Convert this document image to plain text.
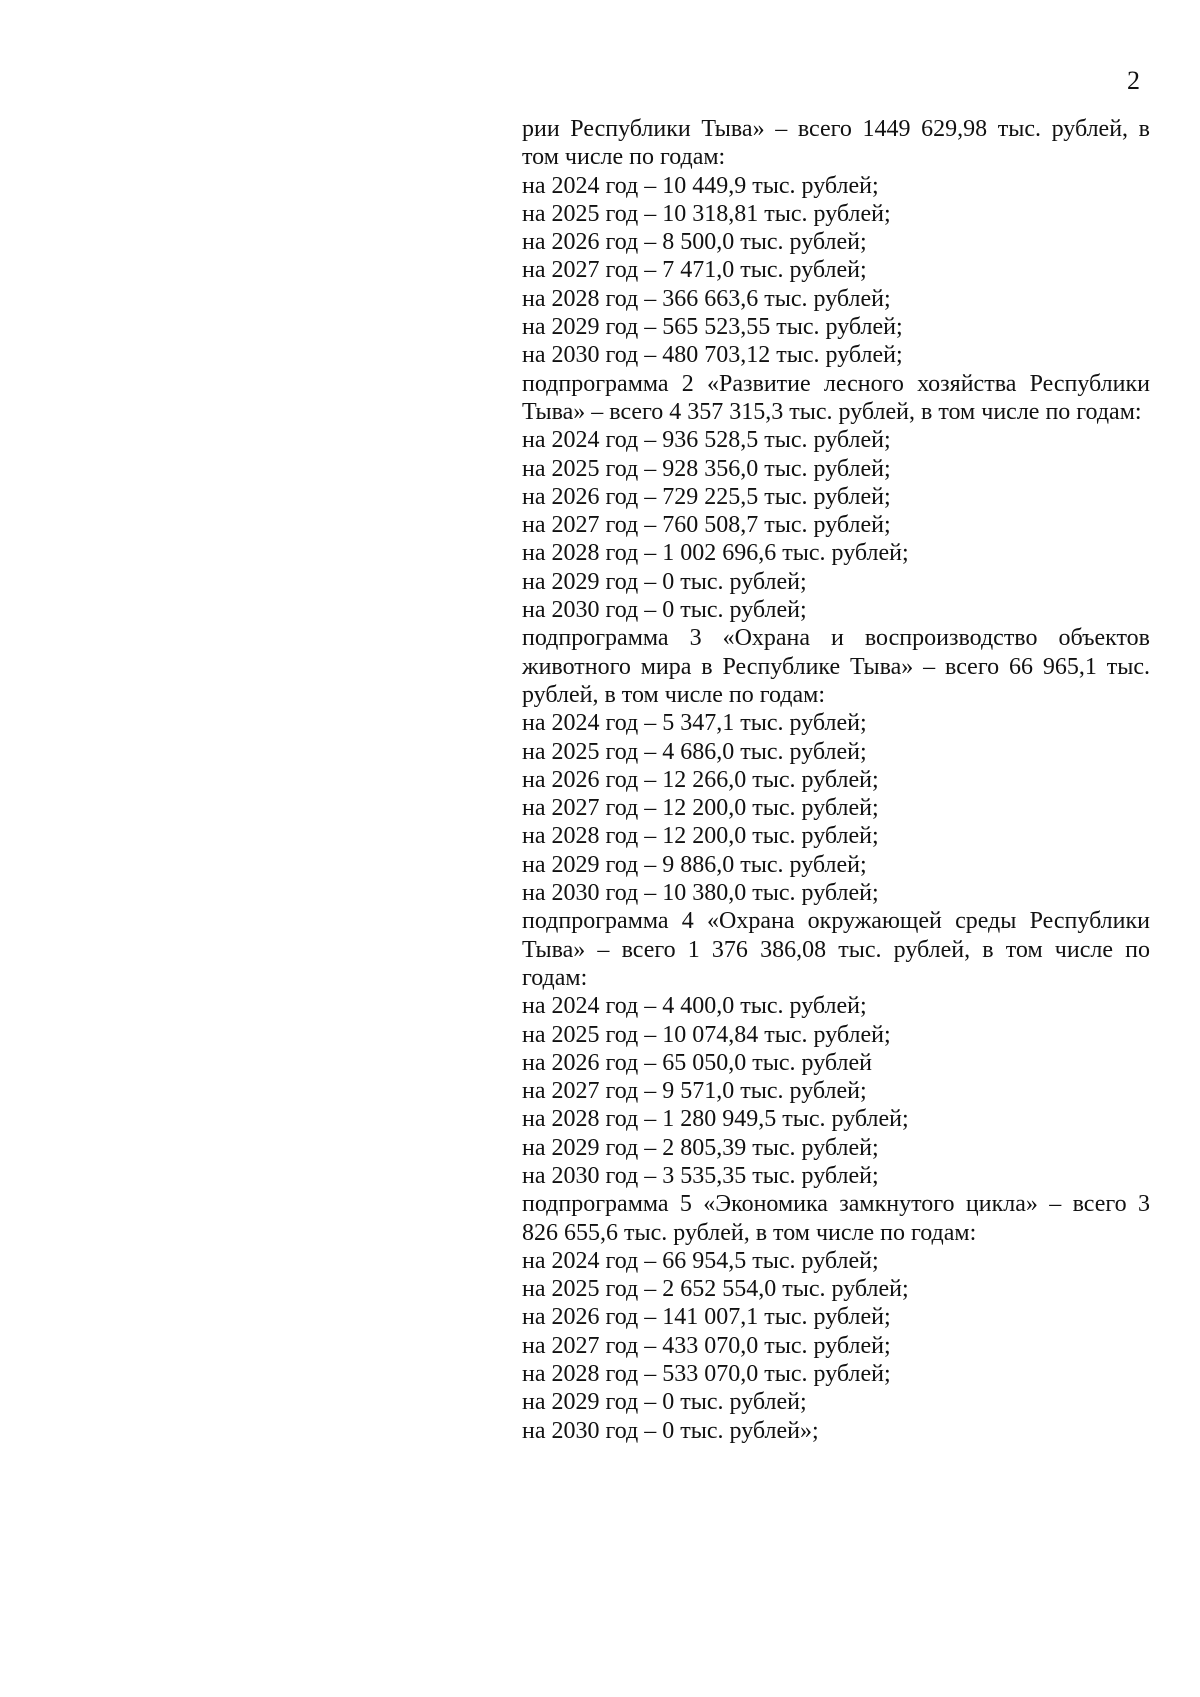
2

рии Республики Тыва» – всего 1449 629,98 тыс. рублей, в том числе по годам:

на 2024 год – 10 449,9 тыс. рублей;

на 2025 год – 10 318,81 тыс. рублей;

на 2026 год – 8 500,0 тыс. рублей;

на 2027 год – 7 471,0 тыс. рублей;

на 2028 год – 366 663,6 тыс. рублей;

на 2029 год – 565 523,55 тыс. рублей;

на 2030 год – 480 703,12 тыс. рублей;

подпрограмма 2 «Развитие лесного хозяйства Республики Тыва» – всего 4 357 315,3 тыс. рублей, в том числе по годам:

на 2024 год – 936 528,5 тыс. рублей;

на 2025 год – 928 356,0 тыс. рублей;

на 2026 год – 729 225,5 тыс. рублей;

на 2027 год – 760 508,7 тыс. рублей;

на 2028 год – 1 002 696,6 тыс. рублей;

на 2029 год – 0 тыс. рублей;

на 2030 год – 0 тыс. рублей;

подпрограмма 3 «Охрана и воспроизводство объектов животного мира в Республике Тыва» – всего 66 965,1 тыс. рублей, в том числе по годам:

на 2024 год – 5 347,1 тыс. рублей;

на 2025 год – 4 686,0 тыс. рублей;

на 2026 год – 12 266,0 тыс. рублей;

на 2027 год – 12 200,0 тыс. рублей;

на 2028 год – 12 200,0 тыс. рублей;

на 2029 год – 9 886,0 тыс. рублей;

на 2030 год – 10 380,0 тыс. рублей;

подпрограмма 4 «Охрана окружающей среды Республики Тыва» – всего 1 376 386,08 тыс. рублей, в том числе по годам:

на 2024 год – 4 400,0 тыс. рублей;

на 2025 год – 10 074,84 тыс. рублей;

на 2026 год – 65 050,0 тыс. рублей

на 2027 год – 9 571,0 тыс. рублей;

на 2028 год – 1 280 949,5 тыс. рублей;

на 2029 год – 2 805,39 тыс. рублей;

на 2030 год – 3 535,35 тыс. рублей;

подпрограмма 5 «Экономика замкнутого цикла» – всего 3 826 655,6 тыс. рублей, в том числе по годам:

на 2024 год – 66 954,5 тыс. рублей;

на 2025 год – 2 652 554,0 тыс. рублей;

на 2026 год – 141 007,1 тыс. рублей;

на 2027 год – 433 070,0 тыс. рублей;

на 2028 год – 533 070,0 тыс. рублей;

на 2029 год – 0 тыс. рублей;

на 2030 год – 0 тыс. рублей»;
